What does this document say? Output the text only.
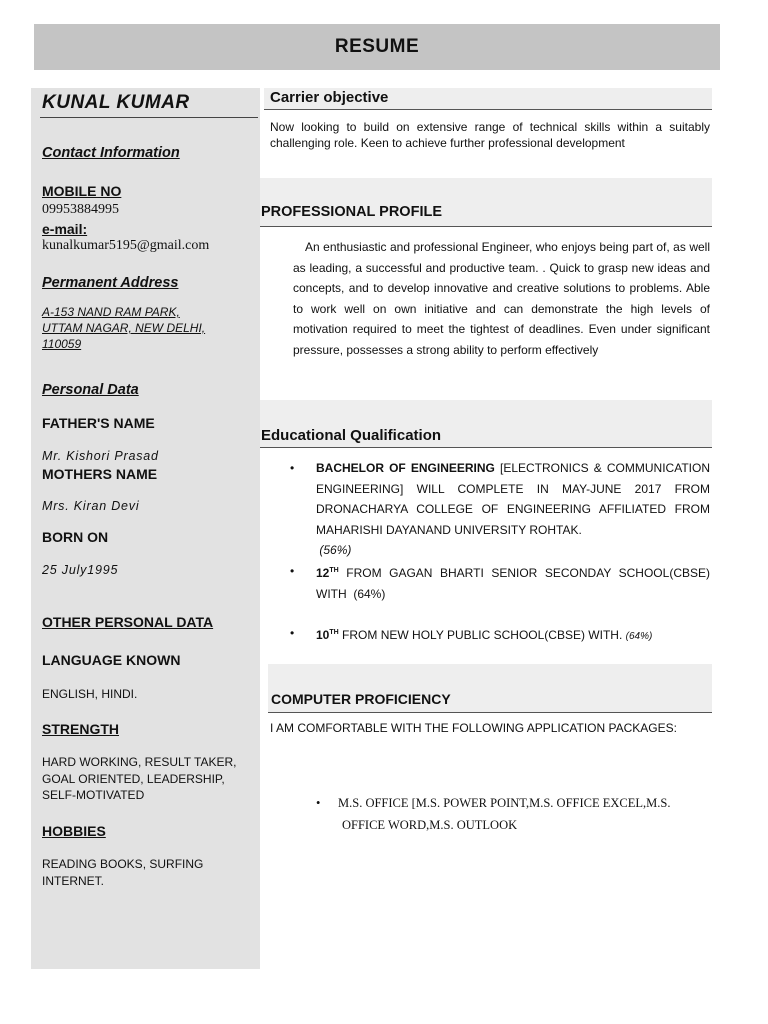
RESUME
KUNAL KUMAR
Contact Information
MOBILE NO
09953884995
e-mail:
kunalkumar5195@gmail.com
Permanent Address
A-153 NAND RAM PARK,
UTTAM NAGAR, NEW DELHI,
110059
Personal Data
FATHER'S NAME
Mr. Kishori Prasad
MOTHERS NAME
Mrs. Kiran Devi
BORN ON
25 July1995
OTHER PERSONAL DATA
LANGUAGE KNOWN
ENGLISH, HINDI.
STRENGTH
HARD WORKING, RESULT TAKER,
GOAL ORIENTED, LEADERSHIP,
SELF-MOTIVATED
HOBBIES
READING BOOKS, SURFING
INTERNET.
Carrier objective
Now looking to build on extensive range of technical skills within a suitably challenging role. Keen to achieve further professional development
PROFESSIONAL PROFILE
An enthusiastic and professional Engineer, who enjoys being part of, as well as leading, a successful and productive team. . Quick to grasp new ideas and concepts, and to develop innovative and creative solutions to problems. Able to work well on own initiative and can demonstrate the high levels of motivation required to meet the tightest of deadlines. Even under significant pressure, possesses a strong ability to perform effectively
Educational Qualification
• BACHELOR OF ENGINEERING [ELECTRONICS & COMMUNICATION ENGINEERING] WILL COMPLETE IN MAY-JUNE 2017 FROM DRONACHARYA COLLEGE OF ENGINEERING AFFILIATED FROM MAHARISHI DAYANAND UNIVERSITY ROHTAK.
(56%)
• 12TH FROM GAGAN BHARTI SENIOR SECONDAY SCHOOL(CBSE) WITH (64%)
• 10TH FROM NEW HOLY PUBLIC SCHOOL(CBSE) WITH. (64%)
COMPUTER PROFICIENCY
I AM COMFORTABLE WITH THE FOLLOWING APPLICATION PACKAGES:
• M.S. OFFICE [M.S. POWER POINT,M.S. OFFICE EXCEL,M.S.
OFFICE WORD,M.S. OUTLOOK
